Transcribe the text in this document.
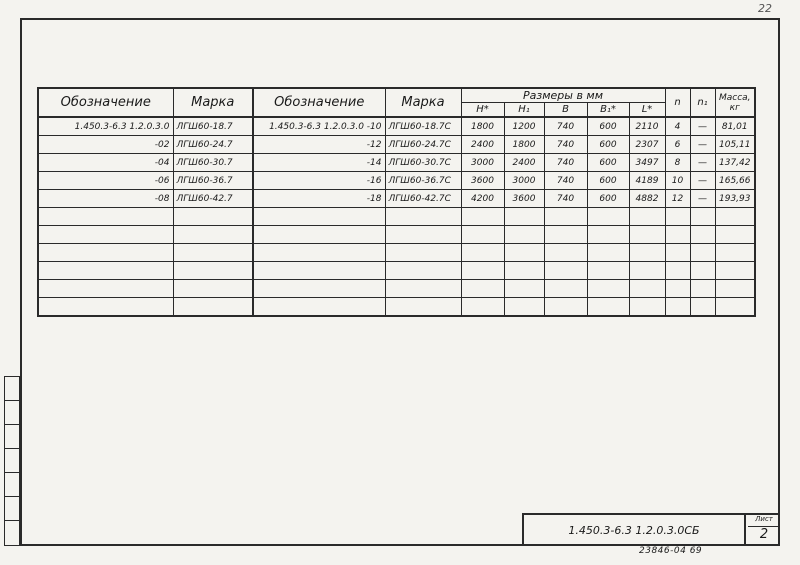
22
Обозначение	Марка	Обозначение	Марка	Размеры в мм					n	n₁	Масса, кг
				H*	H₁	B	B₁*	L*			
1.450.3-6.3 1.2.0.3.0	ЛГШ60-18.7	1.450.3-6.3 1.2.0.3.0 -10	ЛГШ60-18.7С	1800	1200	740	600	2110	4	—	81,01
-02	ЛГШ60-24.7	-12	ЛГШ60-24.7С	2400	1800	740	600	2307	6	—	105,11
-04	ЛГШ60-30.7	-14	ЛГШ60-30.7С	3000	2400	740	600	3497	8	—	137,42
-06	ЛГШ60-36.7	-16	ЛГШ60-36.7С	3600	3000	740	600	4189	10	—	165,66
-08	ЛГШ60-42.7	-18	ЛГШ60-42.7С	4200	3600	740	600	4882	12	—	193,93

1.450.3-6.3 1.2.0.3.0СБ
Лист
2
23846-04 69
